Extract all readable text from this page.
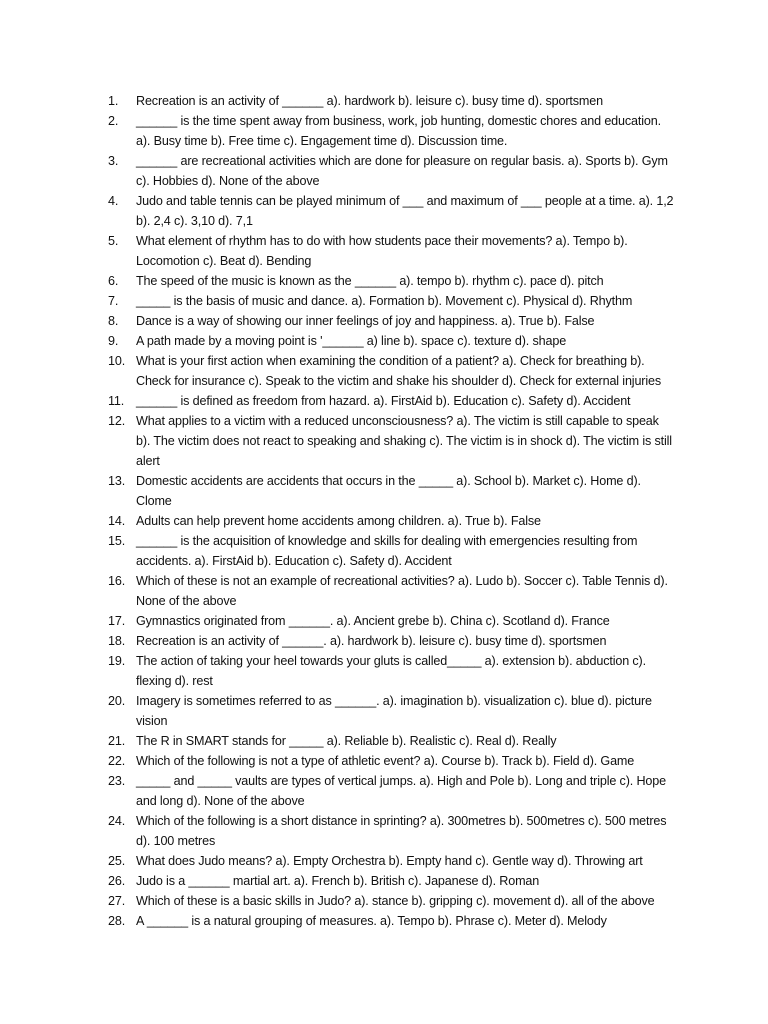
1.	Recreation is an activity of ______ a). hardwork b). leisure c). busy time d). sportsmen
2.	______ is the time spent away from business, work, job hunting, domestic chores and education. a). Busy time b). Free time c). Engagement time d). Discussion time.
3.	______ are recreational activities which are done for pleasure on regular basis. a). Sports b). Gym c). Hobbies d). None of the above
4.	Judo and table tennis can be played minimum of ___ and maximum of ___ people at a time. a). 1,2 b). 2,4 c). 3,10 d). 7,1
5.	What element of rhythm has to do with how students pace their movements? a). Tempo b). Locomotion c). Beat d). Bending
6.	The speed of the music is known as the ______ a). tempo b). rhythm c). pace d). pitch
7.	_____ is the basis of music and dance. a). Formation b). Movement c). Physical d). Rhythm
8.	Dance is a way of showing our inner feelings of joy and happiness. a). True b). False
9.	A path made by a moving point is '______ a) line b). space c). texture d). shape
10. What is your first action when examining the condition of a patient? a). Check for breathing b). Check for insurance c). Speak to the victim and shake his shoulder d). Check for external injuries
11. ______ is defined as freedom from hazard. a). FirstAid b). Education c). Safety d). Accident
12. What applies to a victim with a reduced unconsciousness? a). The victim is still capable to speak b). The victim does not react to speaking and shaking c). The victim is in shock d). The victim is still alert
13. Domestic accidents are accidents that occurs in the _____ a). School b). Market c). Home d). Clome
14. Adults can help prevent home accidents among children. a). True b). False
15. ______ is the acquisition of knowledge and skills for dealing with emergencies resulting from accidents. a). FirstAid b). Education c). Safety d). Accident
16. Which of these is not an example of recreational activities? a). Ludo b). Soccer c). Table Tennis d). None of the above
17. Gymnastics originated from ______. a). Ancient grebe b). China c). Scotland d). France
18. Recreation is an activity of ______. a). hardwork b). leisure c). busy time d). sportsmen
19. The action of taking your heel towards your gluts is called_____ a). extension b). abduction c). flexing d). rest
20. Imagery is sometimes referred to as ______. a). imagination b). visualization c). blue d). picture vision
21. The R in SMART stands for _____ a). Reliable b). Realistic c). Real d). Really
22. Which of the following is not a type of athletic event? a). Course b). Track b). Field d). Game
23. _____ and _____ vaults are types of vertical jumps. a). High and Pole b). Long and triple c). Hope and long d). None of the above
24. Which of the following is a short distance in sprinting? a). 300metres b). 500metres c). 500 metres d). 100 metres
25. What does Judo means? a). Empty Orchestra b). Empty hand c). Gentle way d). Throwing art
26. Judo is a ______ martial art. a). French b). British c). Japanese d). Roman
27. Which of these is a basic skills in Judo? a). stance b). gripping c). movement d). all of the above
28. A ______ is a natural grouping of measures. a). Tempo b). Phrase c). Meter d). Melody
